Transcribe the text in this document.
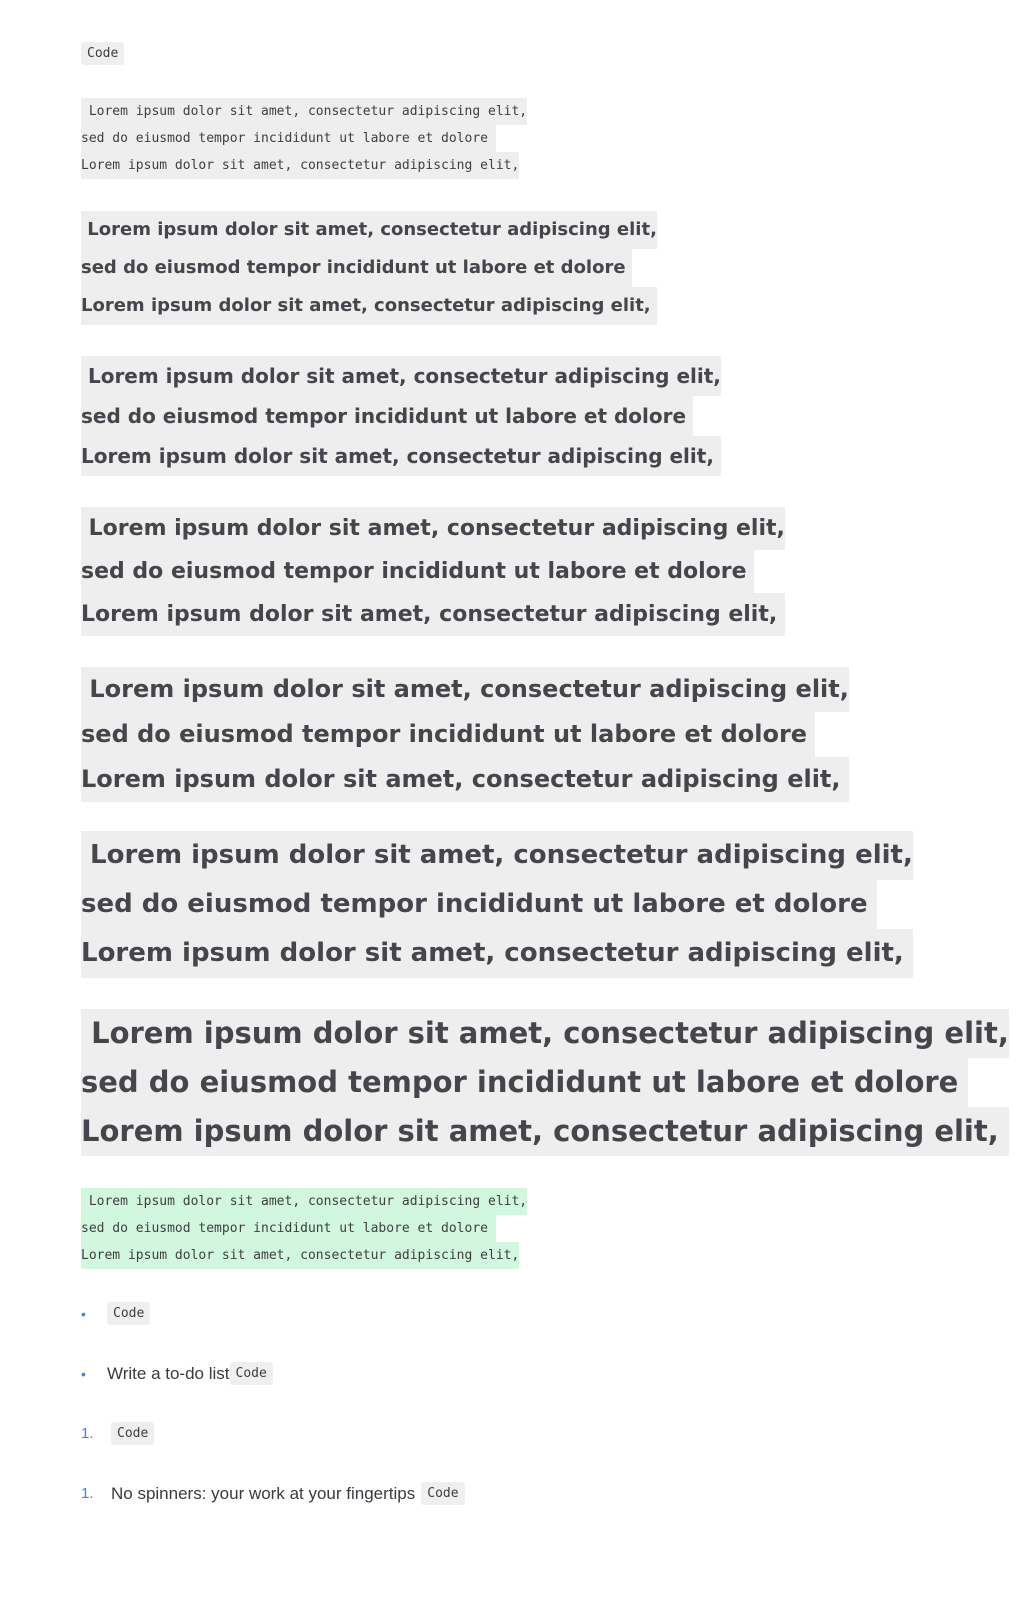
Code
Lorem ipsum dolor sit amet, consectetur adipiscing elit,
sed do eiusmod tempor incididunt ut labore et dolore
Lorem ipsum dolor sit amet, consectetur adipiscing elit,
Lorem ipsum dolor sit amet, consectetur adipiscing elit,
sed do eiusmod tempor incididunt ut labore et dolore
Lorem ipsum dolor sit amet, consectetur adipiscing elit,
Lorem ipsum dolor sit amet, consectetur adipiscing elit,
sed do eiusmod tempor incididunt ut labore et dolore
Lorem ipsum dolor sit amet, consectetur adipiscing elit,
Lorem ipsum dolor sit amet, consectetur adipiscing elit,
sed do eiusmod tempor incididunt ut labore et dolore
Lorem ipsum dolor sit amet, consectetur adipiscing elit,
Lorem ipsum dolor sit amet, consectetur adipiscing elit,
sed do eiusmod tempor incididunt ut labore et dolore
Lorem ipsum dolor sit amet, consectetur adipiscing elit,
Lorem ipsum dolor sit amet, consectetur adipiscing elit,
sed do eiusmod tempor incididunt ut labore et dolore
Lorem ipsum dolor sit amet, consectetur adipiscing elit,
Lorem ipsum dolor sit amet, consectetur adipiscing elit,
sed do eiusmod tempor incididunt ut labore et dolore
Lorem ipsum dolor sit amet, consectetur adipiscing elit,
Lorem ipsum dolor sit amet, consectetur adipiscing elit,
sed do eiusmod tempor incididunt ut labore et dolore
Lorem ipsum dolor sit amet, consectetur adipiscing elit,
•	Code
•	Write a to-do list Code
1.	Code
1.	No spinners: your work at your fingertips Code
